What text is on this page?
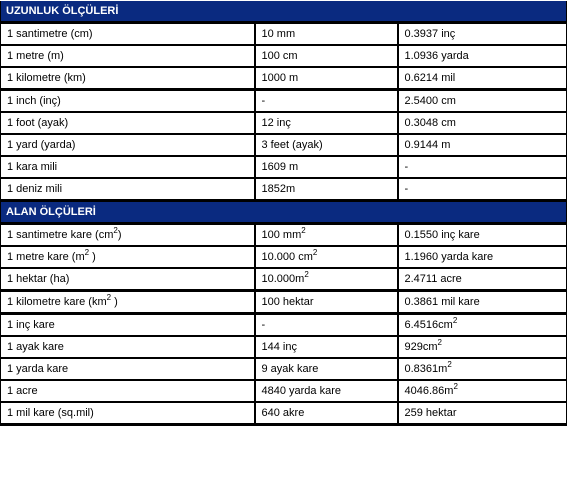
UZUNLUK ÖLÇÜLERİ		
1 santimetre (cm)	10 mm	0.3937 inç
1 metre (m)	100 cm	1.0936 yarda
1 kilometre (km)	1000 m	0.6214 mil
1 inch (inç)	-	2.5400 cm
1 foot (ayak)	12 inç	0.3048 cm
1 yard (yarda)	3 feet (ayak)	0.9144 m
1 kara mili	1609 m	-
1 deniz mili	1852m	-
ALAN ÖLÇÜLERİ		
1 santimetre kare $(cm^2)$	100 $mm^2$	0.1550 inç kare
1 metre kare ($m^2$ )	10.000 $cm^2$	1.1960 yarda kare
1 hektar (ha)	$10.000m^2$	2.4711 acre
1 kilometre kare ($km^2$ )	100 hektar	0.3861 mil kare
1 inç kare	-	$6.4516cm^2$
1 ayak kare	144 inç	$929cm^2$
1 yarda kare	9 ayak kare	$0.8361m^2$
1 acre	4840 yarda kare	$4046.86m^2$
1 mil kare (sq.mil)	640 akre	259 hektar
